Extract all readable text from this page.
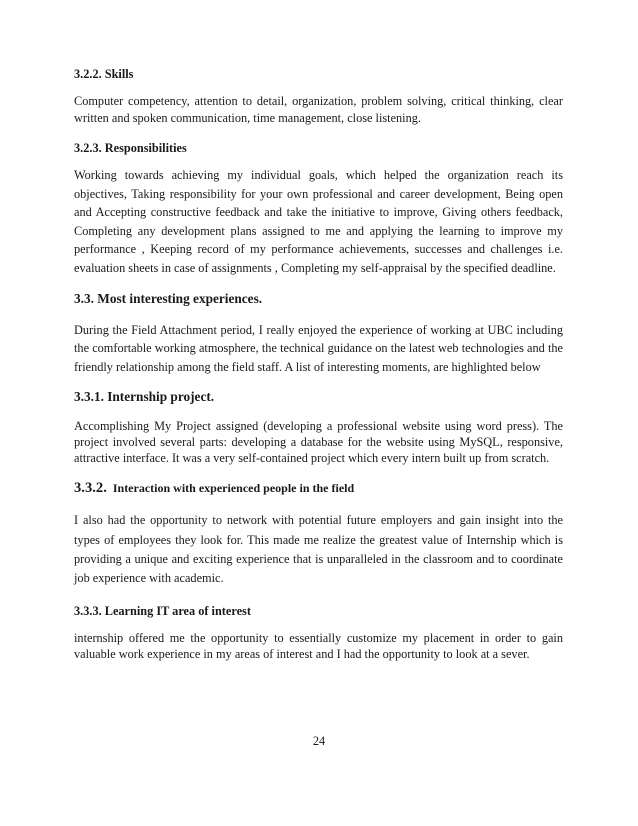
3.2.2. Skills

Computer competency, attention to detail, organization, problem solving, critical thinking, clear written and spoken communication, time management, close listening.

3.2.3. Responsibilities

Working towards achieving my individual goals, which helped the organization reach its objectives, Taking responsibility for your own professional and career development, Being open and Accepting constructive feedback and take the initiative to improve, Giving others feedback, Completing any development plans assigned to me and applying the learning to improve my performance , Keeping record of my performance achievements, successes and challenges i.e. evaluation sheets in case of assignments , Completing my self-appraisal by the specified deadline.

3.3. Most interesting experiences.

During the Field Attachment period, I really enjoyed the experience of working at UBC including the comfortable working atmosphere, the technical guidance on the latest web technologies and the friendly relationship among the field staff. A list of interesting moments, are highlighted below

3.3.1. Internship project.

Accomplishing My Project assigned (developing a professional website using word press). The project involved several parts: developing a database for the website using MySQL, responsive, attractive interface. It was a very self-contained project which every intern built up from scratch.

3.3.2. Interaction with experienced people in the field

I also had the opportunity to network with potential future employers and gain insight into the types of employees they look for. This made me realize the greatest value of Internship which is providing a unique and exciting experience that is unparalleled in the classroom and to coordinate job experience with academic.

3.3.3. Learning IT area of interest

internship offered me the opportunity to essentially customize my placement in order to gain valuable work experience in my areas of interest and I had the opportunity to look at a sever.

24
